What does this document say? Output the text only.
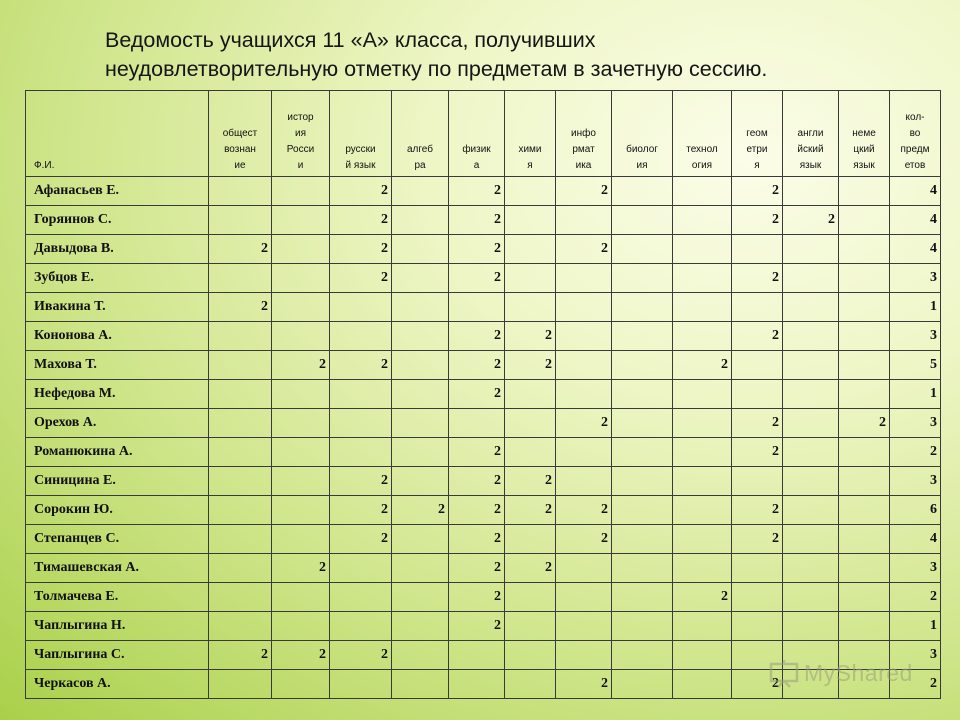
Ведомость учащихся 11 «А» класса, получивших
неудовлетворительную отметку по предметам в зачетную сессию.
Ф.И.	общест
вознан
ие	истор
ия
Росси
и	русски
й язык	алгеб
ра	физик
а	хими
я	инфо
рмат
ика	биолог
ия	технол
огия	геом
етри
я	англи
йский
язык	неме
цкий
язык	кол-
во
предм
етов

Афанасьев Е.			2		2		2			2			4
Горяинов С.			2		2					2	2		4
Давыдова В.	2		2		2		2						4
Зубцов Е.			2		2					2			3
Ивакина Т.	2												1
Кононова А.					2	2				2			3
Махова Т.		2	2		2	2			2				5
Нефедова М.					2								1
Орехов А.							2			2		2	3
Романюкина А.					2					2			2
Синицина Е.			2		2	2							3
Сорокин Ю.			2	2	2	2	2			2			6
Степанцев С.			2		2		2			2			4
Тимашевская А.		2			2	2							3
Толмачева Е.					2				2				2
Чаплыгина Н.					2								1
Чаплыгина С.	2	2	2										3
Черкасов А.							2			2			2
MyShared
